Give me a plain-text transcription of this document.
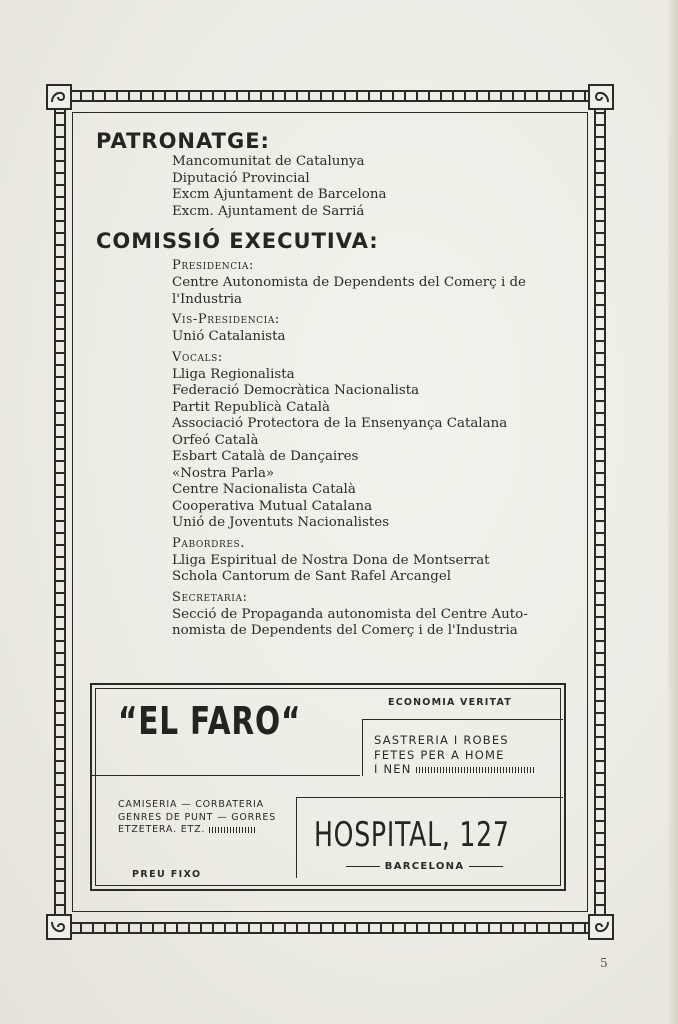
PATRONATGE:
Mancomunitat de Catalunya
Diputació Provincial
Excm Ajuntament de Barcelona
Excm. Ajuntament de Sarriá
COMISSIÓ EXECUTIVA:
Presidencia:
Centre Autonomista de Dependents del Comerç i de
l'Industria
Vis-Presidencia:
Unió Catalanista
Vocals:
Lliga Regionalista
Federació Democràtica Nacionalista
Partit Republicà Català
Associació Protectora de la Ensenyança Catalana
Orfeó Català
Esbart Català de Dançaires
«Nostra Parla»
Centre Nacionalista Català
Cooperativa Mutual Catalana
Unió de Joventuts Nacionalistes
Pabordres.
Lliga Espiritual de Nostra Dona de Montserrat
Schola Cantorum de Sant Rafel Arcangel
Secretaria:
Secció de Propaganda autonomista del Centre Auto-
nomista de Dependents del Comerç i de l'Industria
“EL FARO“	ECONOMIA VERITAT
SASTRERIA I ROBES
FETES PER A HOME
I NEN
CAMISERIA — CORBATERIA
GENRES DE PUNT — GORRES
ETZETERA. ETZ.	HOSPITAL, 127
BARCELONA
PREU FIXO
5
